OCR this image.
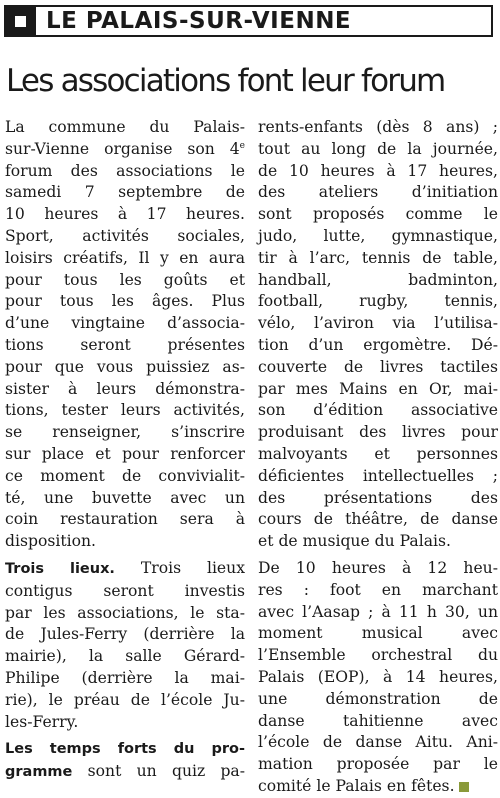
LE PALAIS-SUR-VIENNE
Les associations font leur forum

La commune du Palais-
sur-Vienne organise son 4e
forum des associations le
samedi 7 septembre de
10 heures à 17 heures.
Sport, activités sociales,
loisirs créatifs, Il y en aura
pour tous les goûts et
pour tous les âges. Plus
d’une vingtaine d’associa-
tions seront présentes
pour que vous puissiez as-
sister à leurs démonstra-
tions, tester leurs activités,
se renseigner, s’inscrire
sur place et pour renforcer
ce moment de convivialit-
té, une buvette avec un
coin restauration sera à

disposition.

Trois lieux. Trois lieux
contigus seront investis
par les associations, le sta-
de Jules-Ferry (derrière la
mairie), la salle Gérard-
Philipe (derrière la mai-
rie), le préau de l’école Ju-

les-Ferry.

Les temps forts du pro-
gramme sont un quiz pa-

rents-enfants (dès 8 ans) ;
tout au long de la journée,
de 10 heures à 17 heures,
des ateliers d’initiation
sont proposés comme le
judo, lutte, gymnastique,
tir à l’arc, tennis de table,
handball, badminton,
football, rugby, tennis,
vélo, l’aviron via l’utilisa-
tion d’un ergomètre. Dé-
couverte de livres tactiles
par mes Mains en Or, mai-
son d’édition associative
produisant des livres pour
malvoyants et personnes
déficientes intellectuelles ;
des présentations des
cours de théâtre, de danse

et de musique du Palais.

De 10 heures à 12 heu-
res : foot en marchant
avec l’Aasap ; à 11 h 30, un
moment musical avec
l’Ensemble orchestral du
Palais (EOP), à 14 heures,
une démonstration de
danse tahitienne avec
l’école de danse Aitu. Ani-
mation proposée par le

comité le Palais en fêtes.
